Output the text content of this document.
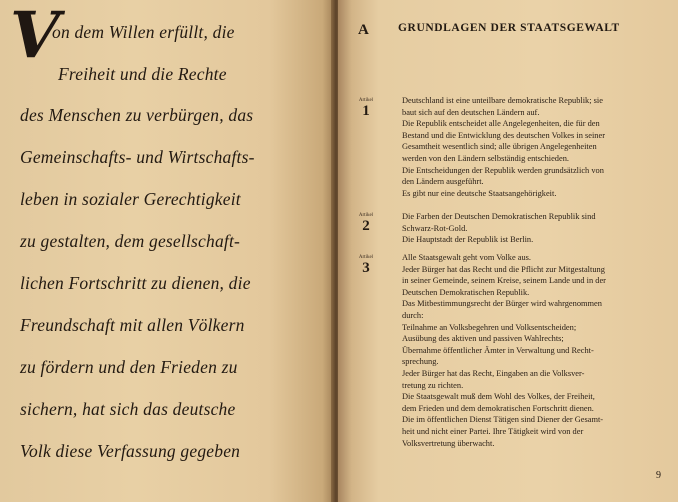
V

on dem Willen erfüllt, die

Freiheit und die Rechte

des Menschen zu verbürgen, das

Gemeinschafts- und Wirtschafts-

leben in sozialer Gerechtigkeit

zu gestalten, dem gesellschaft-

lichen Fortschritt zu dienen, die

Freundschaft mit allen Völkern

zu fördern und den Frieden zu

sichern, hat sich das deutsche

Volk diese Verfassung gegeben

A	GRUNDLAGEN DER STAATSGEWALT
Artikel
1

Deutschland ist eine unteilbare demokratische Republik; sie

baut sich auf den deutschen Ländern auf.

Die Republik entscheidet alle Angelegenheiten, die für den

Bestand und die Entwicklung des deutschen Volkes in seiner

Gesamtheit wesentlich sind; alle übrigen Angelegenheiten

werden von den Ländern selbständig entschieden.

Die Entscheidungen der Republik werden grundsätzlich von

den Ländern ausgeführt.

Es gibt nur eine deutsche Staatsangehörigkeit.

Artikel
2

Die Farben der Deutschen Demokratischen Republik sind

Schwarz-Rot-Gold.

Die Hauptstadt der Republik ist Berlin.

Artikel
3

Alle Staatsgewalt geht vom Volke aus.

Jeder Bürger hat das Recht und die Pflicht zur Mitgestaltung

in seiner Gemeinde, seinem Kreise, seinem Lande und in der

Deutschen Demokratischen Republik.

Das Mitbestimmungsrecht der Bürger wird wahrgenommen

durch:

Teilnahme an Volksbegehren und Volksentscheiden;

Ausübung des aktiven und passiven Wahlrechts;

Übernahme öffentlicher Ämter in Verwaltung und Recht-

sprechung.

Jeder Bürger hat das Recht, Eingaben an die Volksver-

tretung zu richten.

Die Staatsgewalt muß dem Wohl des Volkes, der Freiheit,

dem Frieden und dem demokratischen Fortschritt dienen.

Die im öffentlichen Dienst Tätigen sind Diener der Gesamt-

heit und nicht einer Partei. Ihre Tätigkeit wird von der

Volksvertretung überwacht.

9
